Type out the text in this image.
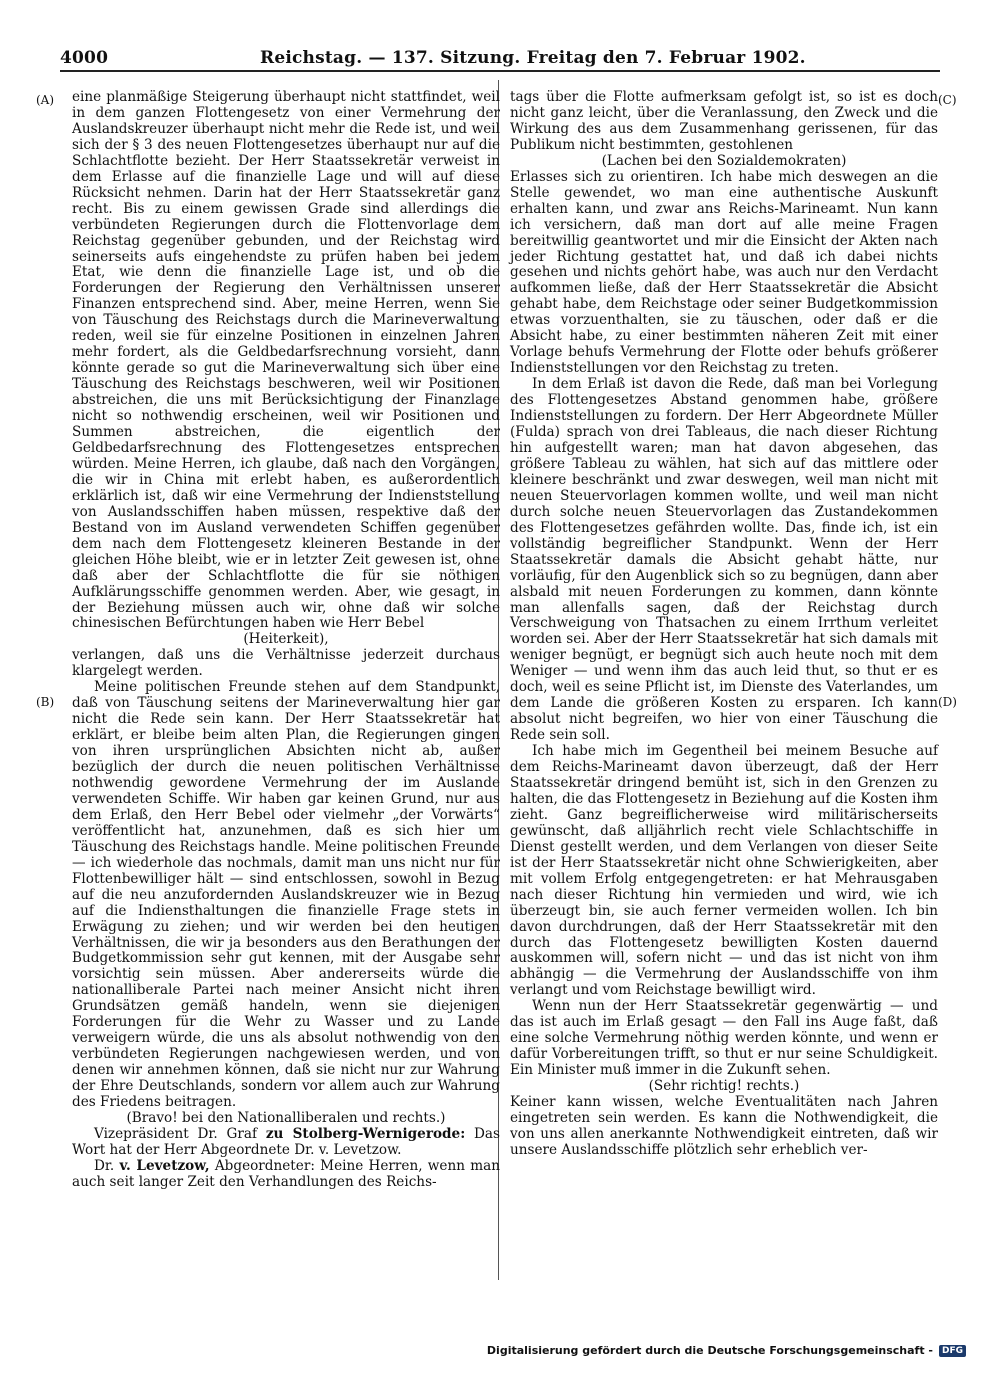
4000	Reichstag. — 137. Sitzung. Freitag den 7. Februar 1902.
(A)
(B)
(C)
(D)

eine planmäßige Steigerung überhaupt nicht stattfindet, weil in dem ganzen Flottengesetz von einer Vermehrung der Auslandskreuzer überhaupt nicht mehr die Rede ist, und weil sich der § 3 des neuen Flottengesetzes überhaupt nur auf die Schlachtflotte bezieht. Der Herr Staatssekretär verweist in dem Erlasse auf die finanzielle Lage und will auf diese Rücksicht nehmen. Darin hat der Herr Staatssekretär ganz recht. Bis zu einem gewissen Grade sind allerdings die verbündeten Regierungen durch die Flottenvorlage dem Reichstag gegenüber gebunden, und der Reichstag wird seinerseits aufs eingehendste zu prüfen haben bei jedem Etat, wie denn die finanzielle Lage ist, und ob die Forderungen der Regierung den Verhältnissen unserer Finanzen entsprechend sind. Aber, meine Herren, wenn Sie von Täuschung des Reichstags durch die Marineverwaltung reden, weil sie für einzelne Positionen in einzelnen Jahren mehr fordert, als die Geldbedarfsrechnung vorsieht, dann könnte gerade so gut die Marineverwaltung sich über eine Täuschung des Reichstags beschweren, weil wir Positionen abstreichen, die uns mit Berücksichtigung der Finanzlage nicht so nothwendig erscheinen, weil wir Positionen und Summen abstreichen, die eigentlich der Geldbedarfsrechnung des Flottengesetzes entsprechen würden. Meine Herren, ich glaube, daß nach den Vorgängen, die wir in China mit erlebt haben, es außerordentlich erklärlich ist, daß wir eine Vermehrung der Indienststellung von Auslandsschiffen haben müssen, respektive daß der Bestand von im Ausland verwendeten Schiffen gegenüber dem nach dem Flottengesetz kleineren Bestande in der gleichen Höhe bleibt, wie er in letzter Zeit gewesen ist, ohne daß aber der Schlachtflotte die für sie nöthigen Aufklärungsschiffe genommen werden. Aber, wie gesagt, in der Beziehung müssen auch wir, ohne daß wir solche chinesischen Befürchtungen haben wie Herr Bebel

(Heiterkeit),

verlangen, daß uns die Verhältnisse jederzeit durchaus klargelegt werden.

Meine politischen Freunde stehen auf dem Standpunkt, daß von Täuschung seitens der Marineverwaltung hier gar nicht die Rede sein kann. Der Herr Staatssekretär hat erklärt, er bleibe beim alten Plan, die Regierungen gingen von ihren ursprünglichen Absichten nicht ab, außer bezüglich der durch die neuen politischen Verhältnisse nothwendig gewordene Vermehrung der im Auslande verwendeten Schiffe. Wir haben gar keinen Grund, nur aus dem Erlaß, den Herr Bebel oder vielmehr „der Vorwärts“ veröffentlicht hat, anzunehmen, daß es sich hier um Täuschung des Reichstags handle. Meine politischen Freunde — ich wiederhole das nochmals, damit man uns nicht nur für Flottenbewilliger hält — sind entschlossen, sowohl in Bezug auf die neu anzufordernden Auslandskreuzer wie in Bezug auf die Indiensthaltungen die finanzielle Frage stets in Erwägung zu ziehen; und wir werden bei den heutigen Verhältnissen, die wir ja besonders aus den Berathungen der Budgetkommission sehr gut kennen, mit der Ausgabe sehr vorsichtig sein müssen. Aber andererseits würde die nationalliberale Partei nach meiner Ansicht nicht ihren Grundsätzen gemäß handeln, wenn sie diejenigen Forderungen für die Wehr zu Wasser und zu Lande verweigern würde, die uns als absolut nothwendig von den verbündeten Regierungen nachgewiesen werden, und von denen wir annehmen können, daß sie nicht nur zur Wahrung der Ehre Deutschlands, sondern vor allem auch zur Wahrung des Friedens beitragen.

(Bravo! bei den Nationalliberalen und rechts.)

Vizepräsident Dr. Graf zu Stolberg-Wernigerode: Das Wort hat der Herr Abgeordnete Dr. v. Levetzow.

Dr. v. Levetzow, Abgeordneter: Meine Herren, wenn man auch seit langer Zeit den Verhandlungen des Reichs-

tags über die Flotte aufmerksam gefolgt ist, so ist es doch nicht ganz leicht, über die Veranlassung, den Zweck und die Wirkung des aus dem Zusammenhang gerissenen, für das Publikum nicht bestimmten, gestohlenen

(Lachen bei den Sozialdemokraten)

Erlasses sich zu orientiren. Ich habe mich deswegen an die Stelle gewendet, wo man eine authentische Auskunft erhalten kann, und zwar ans Reichs-Marineamt. Nun kann ich versichern, daß man dort auf alle meine Fragen bereitwillig geantwortet und mir die Einsicht der Akten nach jeder Richtung gestattet hat, und daß ich dabei nichts gesehen und nichts gehört habe, was auch nur den Verdacht aufkommen ließe, daß der Herr Staatssekretär die Absicht gehabt habe, dem Reichstage oder seiner Budgetkommission etwas vorzuenthalten, sie zu täuschen, oder daß er die Absicht habe, zu einer bestimmten näheren Zeit mit einer Vorlage behufs Vermehrung der Flotte oder behufs größerer Indienststellungen vor den Reichstag zu treten.

In dem Erlaß ist davon die Rede, daß man bei Vorlegung des Flottengesetzes Abstand genommen habe, größere Indienststellungen zu fordern. Der Herr Abgeordnete Müller (Fulda) sprach von drei Tableaus, die nach dieser Richtung hin aufgestellt waren; man hat davon abgesehen, das größere Tableau zu wählen, hat sich auf das mittlere oder kleinere beschränkt und zwar deswegen, weil man nicht mit neuen Steuervorlagen kommen wollte, und weil man nicht durch solche neuen Steuervorlagen das Zustandekommen des Flottengesetzes gefährden wollte. Das, finde ich, ist ein vollständig begreiflicher Standpunkt. Wenn der Herr Staatssekretär damals die Absicht gehabt hätte, nur vorläufig, für den Augenblick sich so zu begnügen, dann aber alsbald mit neuen Forderungen zu kommen, dann könnte man allenfalls sagen, daß der Reichstag durch Verschweigung von Thatsachen zu einem Irrthum verleitet worden sei. Aber der Herr Staatssekretär hat sich damals mit weniger begnügt, er begnügt sich auch heute noch mit dem Weniger — und wenn ihm das auch leid thut, so thut er es doch, weil es seine Pflicht ist, im Dienste des Vaterlandes, um dem Lande die größeren Kosten zu ersparen. Ich kann absolut nicht begreifen, wo hier von einer Täuschung die Rede sein soll.

Ich habe mich im Gegentheil bei meinem Besuche auf dem Reichs-Marineamt davon überzeugt, daß der Herr Staatssekretär dringend bemüht ist, sich in den Grenzen zu halten, die das Flottengesetz in Beziehung auf die Kosten ihm zieht. Ganz begreiflicherweise wird militärischerseits gewünscht, daß alljährlich recht viele Schlachtschiffe in Dienst gestellt werden, und dem Verlangen von dieser Seite ist der Herr Staatssekretär nicht ohne Schwierigkeiten, aber mit vollem Erfolg entgegengetreten: er hat Mehrausgaben nach dieser Richtung hin vermieden und wird, wie ich überzeugt bin, sie auch ferner vermeiden wollen. Ich bin davon durchdrungen, daß der Herr Staatssekretär mit den durch das Flottengesetz bewilligten Kosten dauernd auskommen will, sofern nicht — und das ist nicht von ihm abhängig — die Vermehrung der Auslandsschiffe von ihm verlangt und vom Reichstage bewilligt wird.

Wenn nun der Herr Staatssekretär gegenwärtig — und das ist auch im Erlaß gesagt — den Fall ins Auge faßt, daß eine solche Vermehrung nöthig werden könnte, und wenn er dafür Vorbereitungen trifft, so thut er nur seine Schuldigkeit. Ein Minister muß immer in die Zukunft sehen.

(Sehr richtig! rechts.)

Keiner kann wissen, welche Eventualitäten nach Jahren eingetreten sein werden. Es kann die Nothwendigkeit, die von uns allen anerkannte Nothwendigkeit eintreten, daß wir unsere Auslandsschiffe plötzlich sehr erheblich ver-

Digitalisierung gefördert durch die Deutsche Forschungsgemeinschaft -	DFG
